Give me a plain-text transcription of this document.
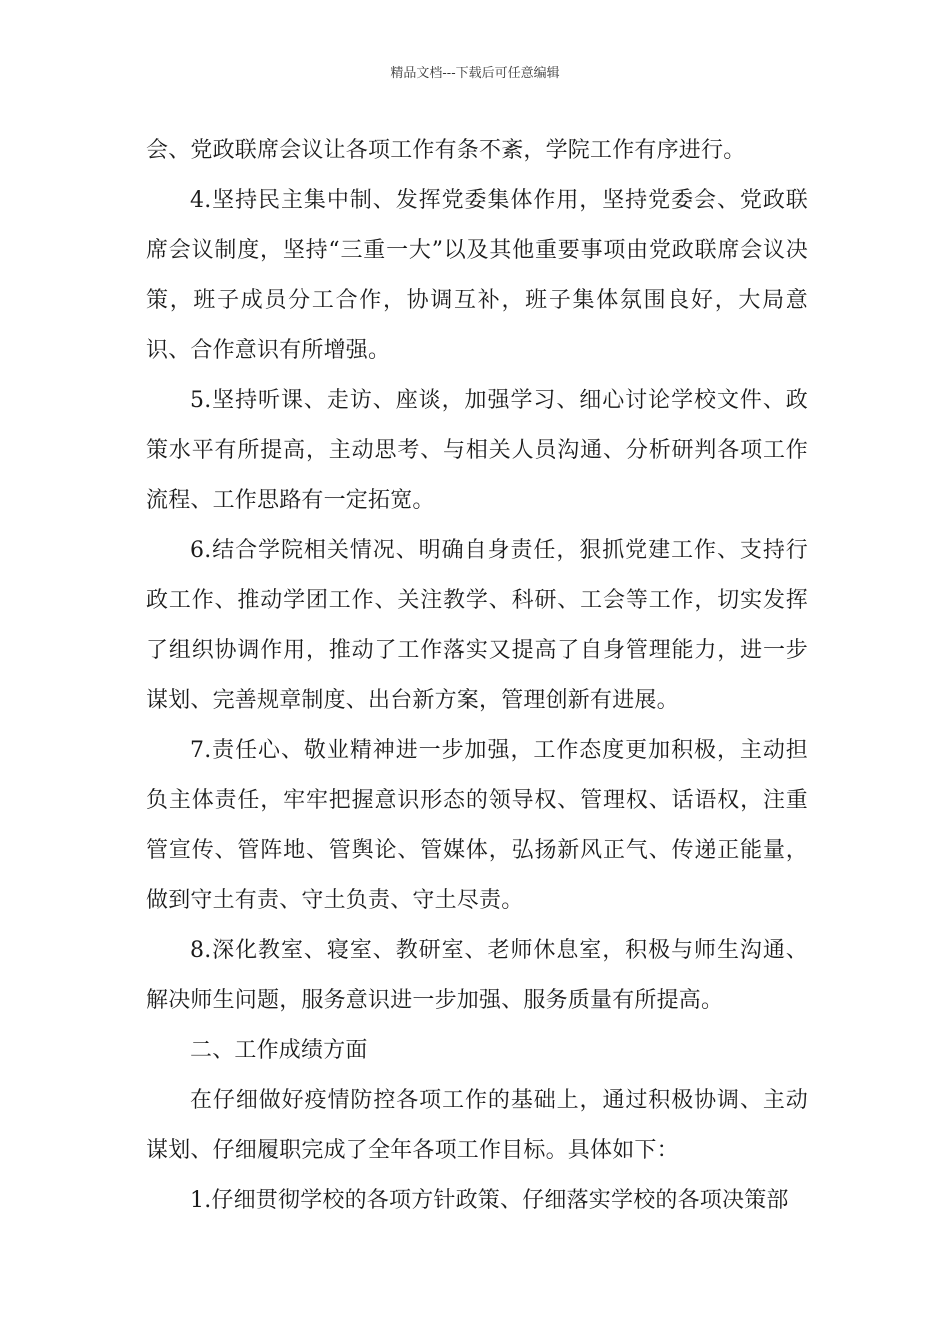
精品文档---下载后可任意编辑

会、党政联席会议让各项工作有条不紊，学院工作有序进行。

4.坚持民主集中制、发挥党委集体作用，坚持党委会、党政联席会议制度，坚持“三重一大”以及其他重要事项由党政联席会议决策，班子成员分工合作，协调互补，班子集体氛围良好，大局意识、合作意识有所增强。

5.坚持听课、走访、座谈，加强学习、细心讨论学校文件、政策水平有所提高，主动思考、与相关人员沟通、分析研判各项工作流程、工作思路有一定拓宽。

6.结合学院相关情况、明确自身责任，狠抓党建工作、支持行政工作、推动学团工作、关注教学、科研、工会等工作，切实发挥了组织协调作用，推动了工作落实又提高了自身管理能力，进一步谋划、完善规章制度、出台新方案，管理创新有进展。

7.责任心、敬业精神进一步加强，工作态度更加积极，主动担负主体责任，牢牢把握意识形态的领导权、管理权、话语权，注重管宣传、管阵地、管舆论、管媒体，弘扬新风正气、传递正能量，做到守土有责、守土负责、守土尽责。

8.深化教室、寝室、教研室、老师休息室，积极与师生沟通、解决师生问题，服务意识进一步加强、服务质量有所提高。

二、工作成绩方面

在仔细做好疫情防控各项工作的基础上，通过积极协调、主动谋划、仔细履职完成了全年各项工作目标。具体如下：

1.仔细贯彻学校的各项方针政策、仔细落实学校的各项决策部
